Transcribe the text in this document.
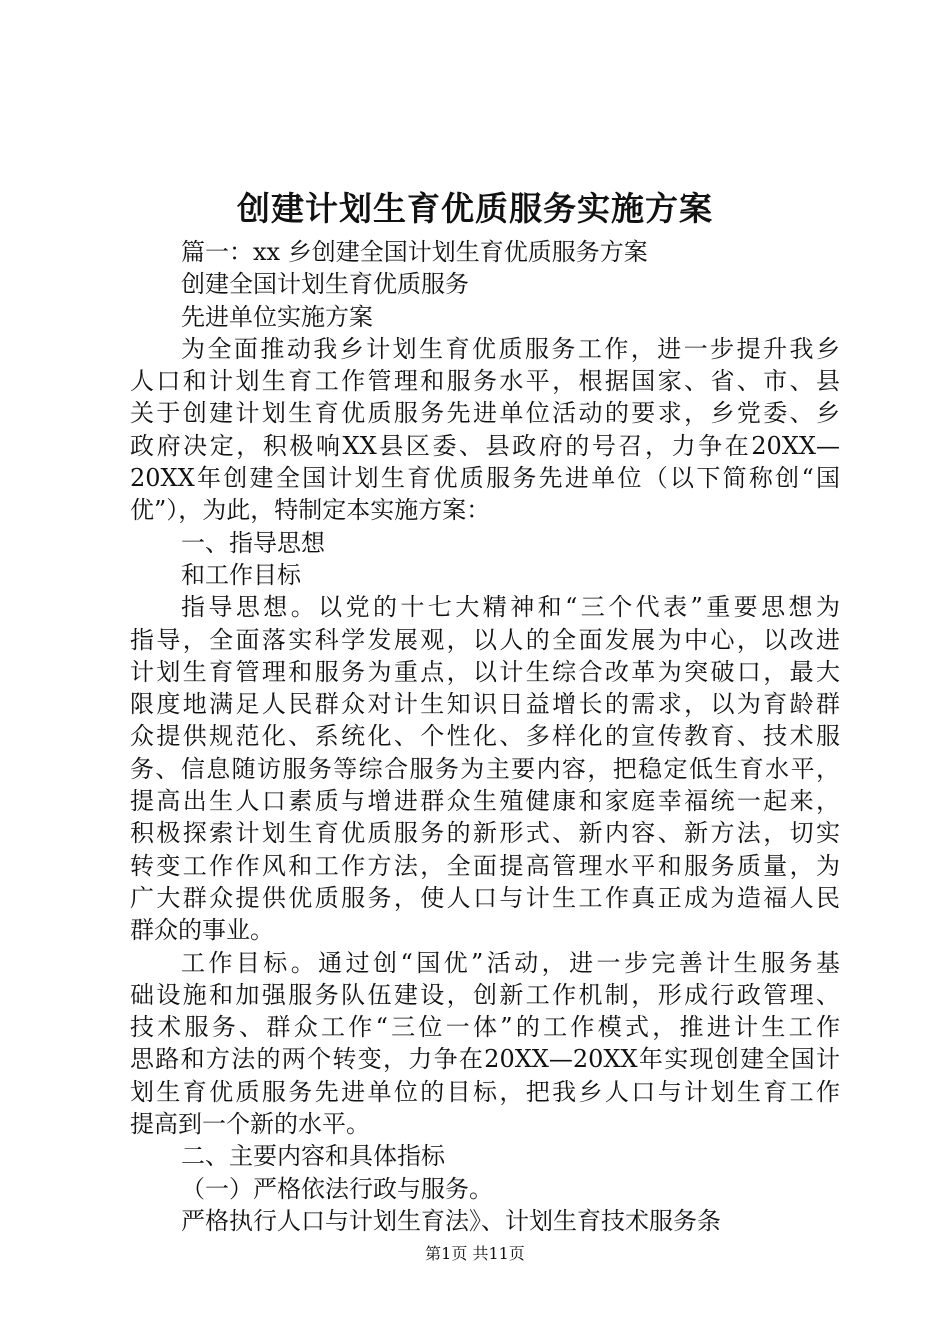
创建计划生育优质服务实施方案
篇一：xx 乡创建全国计划生育优质服务方案
创建全国计划生育优质服务
先进单位实施方案
为全面推动我乡计划生育优质服务工作，进一步提升我乡
人口和计划生育工作管理和服务水平，根据国家、省、市、县
关于创建计划生育优质服务先进单位活动的要求，乡党委、乡
政府决定，积极响XX县区委、县政府的号召，力争在20XX—
20XX年创建全国计划生育优质服务先进单位（以下简称创“国
优”），为此，特制定本实施方案：
一、指导思想
和工作目标
指导思想。以党的十七大精神和“三个代表”重要思想为
指导，全面落实科学发展观，以人的全面发展为中心，以改进
计划生育管理和服务为重点，以计生综合改革为突破口，最大
限度地满足人民群众对计生知识日益增长的需求，以为育龄群
众提供规范化、系统化、个性化、多样化的宣传教育、技术服
务、信息随访服务等综合服务为主要内容，把稳定低生育水平，
提高出生人口素质与增进群众生殖健康和家庭幸福统一起来，
积极探索计划生育优质服务的新形式、新内容、新方法，切实
转变工作作风和工作方法，全面提高管理水平和服务质量，为
广大群众提供优质服务，使人口与计生工作真正成为造福人民
群众的事业。
工作目标。通过创“国优”活动，进一步完善计生服务基
础设施和加强服务队伍建设，创新工作机制，形成行政管理、
技术服务、群众工作“三位一体”的工作模式，推进计生工作
思路和方法的两个转变，力争在20XX—20XX年实现创建全国计
划生育优质服务先进单位的目标，把我乡人口与计划生育工作
提高到一个新的水平。
二、主要内容和具体指标
（一）严格依法行政与服务。
严格执行人口与计划生育法》、计划生育技术服务条
第1页 共11页
